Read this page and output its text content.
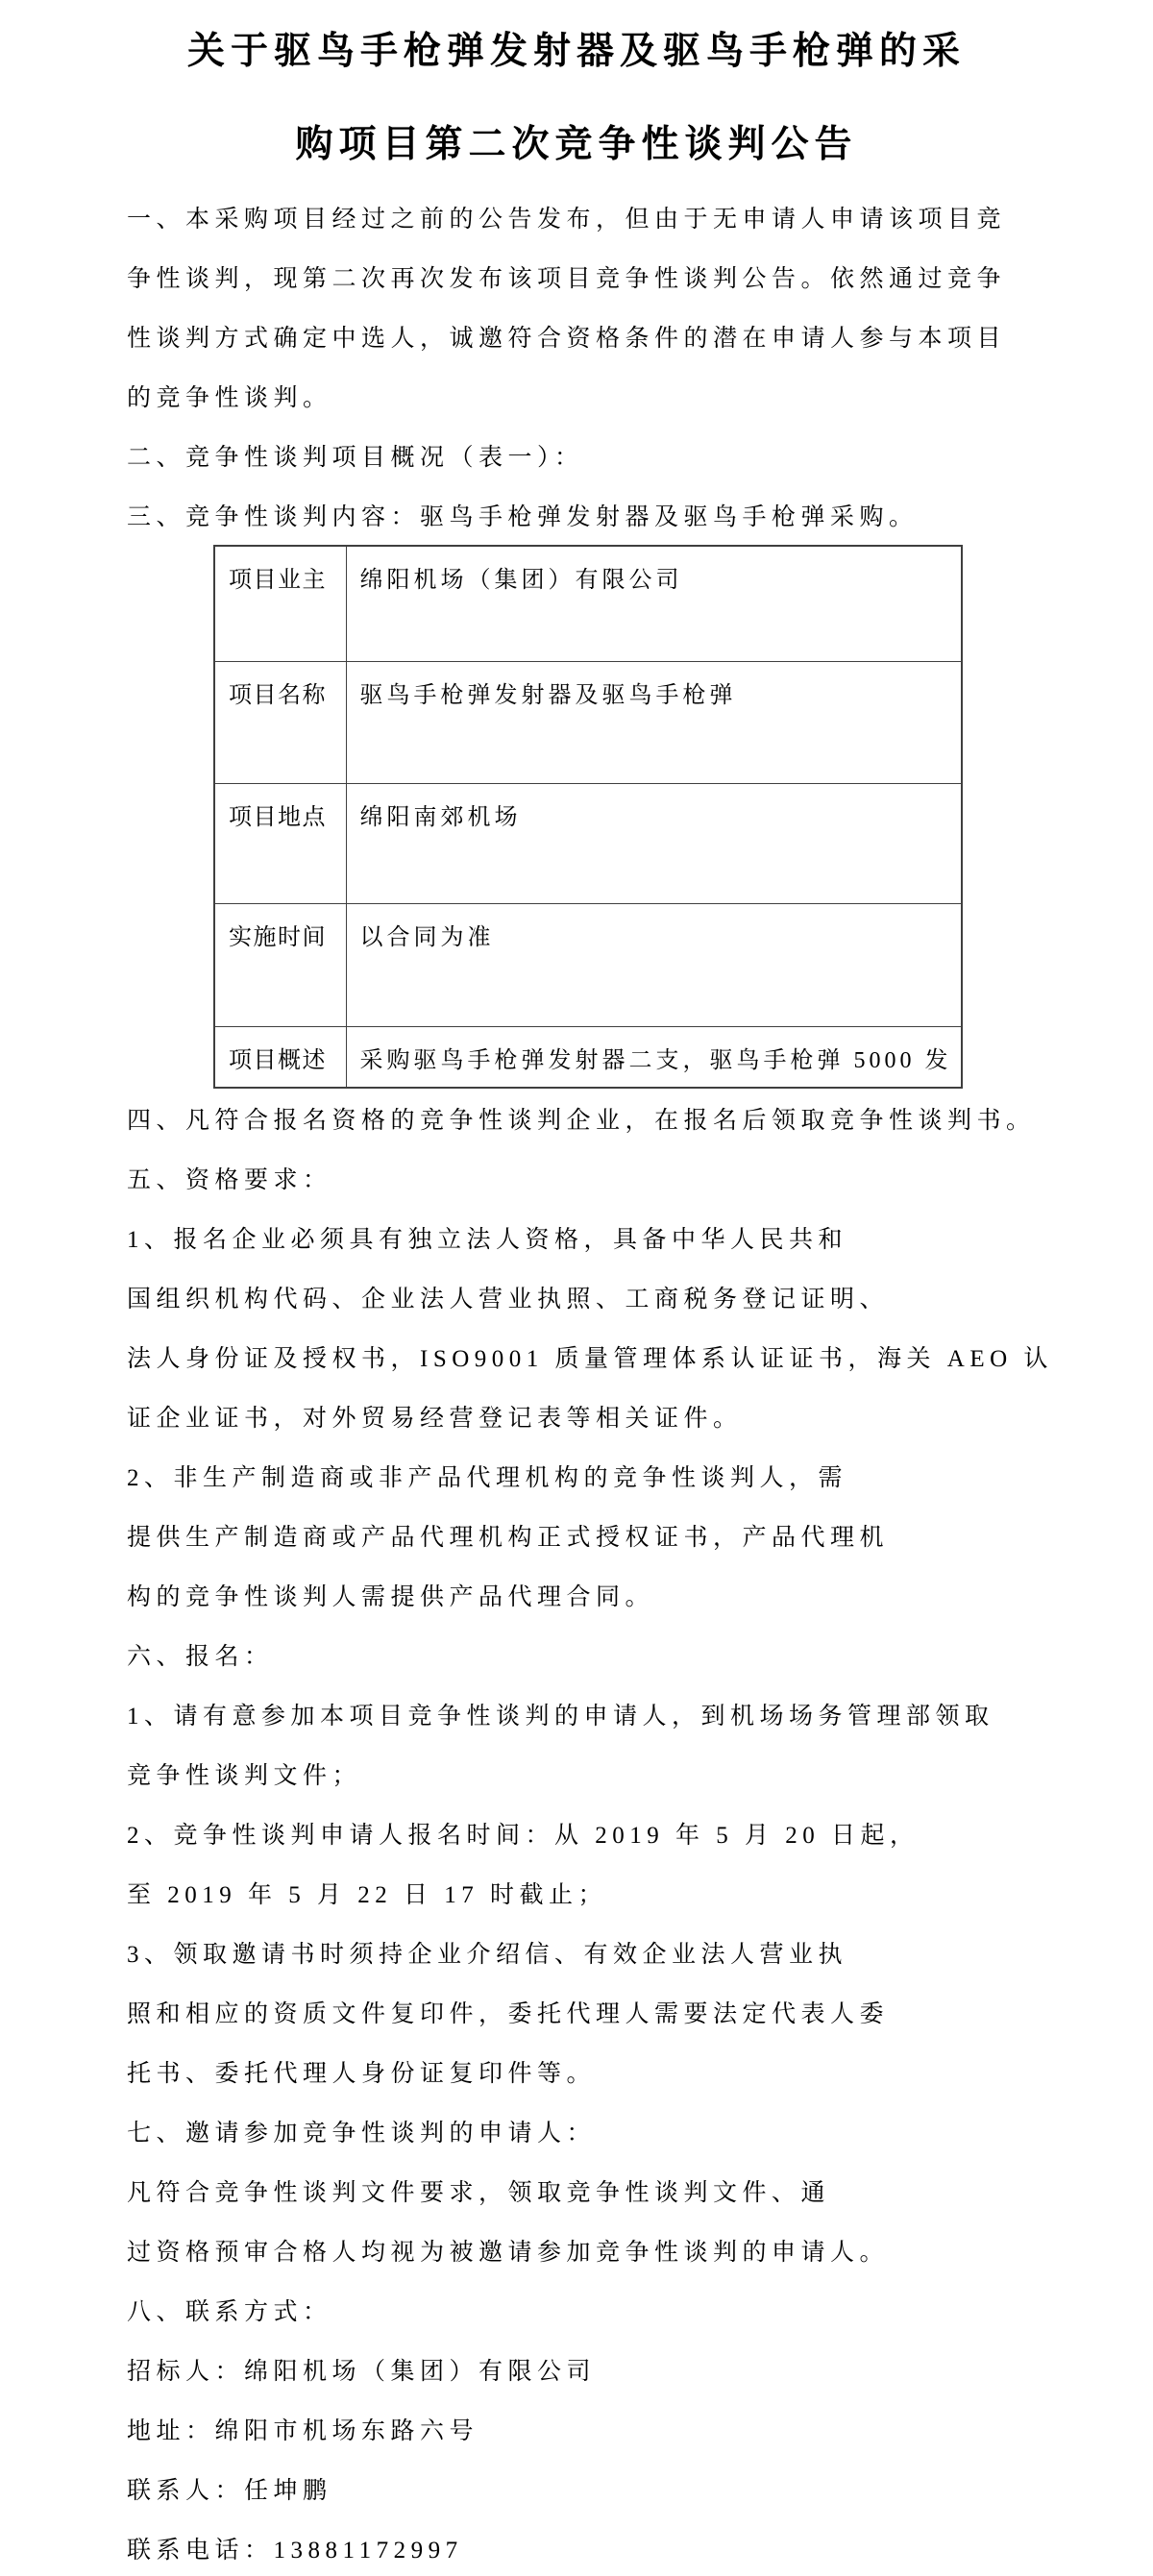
关于驱鸟手枪弹发射器及驱鸟手枪弹的采
购项目第二次竞争性谈判公告
一、本采购项目经过之前的公告发布，但由于无申请人申请该项目竞
争性谈判，现第二次再次发布该项目竞争性谈判公告。依然通过竞争
性谈判方式确定中选人，诚邀符合资格条件的潜在申请人参与本项目
的竞争性谈判。
二、竞争性谈判项目概况（表一）：
三、竞争性谈判内容：驱鸟手枪弹发射器及驱鸟手枪弹采购。
项目业主	绵阳机场（集团）有限公司
项目名称	驱鸟手枪弹发射器及驱鸟手枪弹
项目地点	绵阳南郊机场
实施时间	以合同为准
项目概述	采购驱鸟手枪弹发射器二支，驱鸟手枪弹 5000 发
四、凡符合报名资格的竞争性谈判企业，在报名后领取竞争性谈判书。
五、资格要求：
1、报名企业必须具有独立法人资格，具备中华人民共和
国组织机构代码、企业法人营业执照、工商税务登记证明、
法人身份证及授权书，ISO9001 质量管理体系认证证书，海关 AEO 认
证企业证书，对外贸易经营登记表等相关证件。
2、非生产制造商或非产品代理机构的竞争性谈判人，需
提供生产制造商或产品代理机构正式授权证书，产品代理机
构的竞争性谈判人需提供产品代理合同。
六、报名：
1、请有意参加本项目竞争性谈判的申请人，到机场场务管理部领取
竞争性谈判文件；
2、竞争性谈判申请人报名时间：从 2019 年 5 月 20 日起，
至 2019 年 5 月 22 日 17 时截止；
3、领取邀请书时须持企业介绍信、有效企业法人营业执
照和相应的资质文件复印件，委托代理人需要法定代表人委
托书、委托代理人身份证复印件等。
七、邀请参加竞争性谈判的申请人：
凡符合竞争性谈判文件要求，领取竞争性谈判文件、通
过资格预审合格人均视为被邀请参加竞争性谈判的申请人。
八、联系方式：
招标人：绵阳机场（集团）有限公司
地址：绵阳市机场东路六号
联系人：任坤鹏
联系电话：13881172997
